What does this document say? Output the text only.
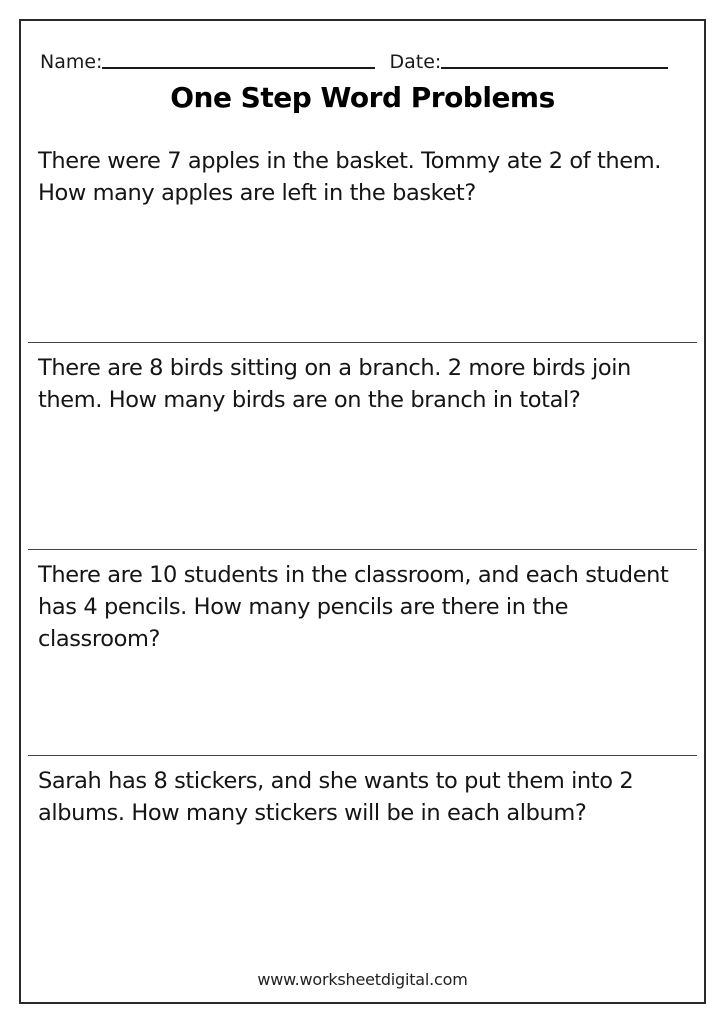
Name:	Date:
One Step Word Problems
There were 7 apples in the basket. Tommy ate 2 of them. How many apples are left in the basket?
There are 8 birds sitting on a branch. 2 more birds join them. How many birds are on the branch in total?
There are 10 students in the classroom, and each student has 4 pencils. How many pencils are there in the classroom?
Sarah has 8 stickers, and she wants to put them into 2 albums. How many stickers will be in each album?
www.worksheetdigital.com
